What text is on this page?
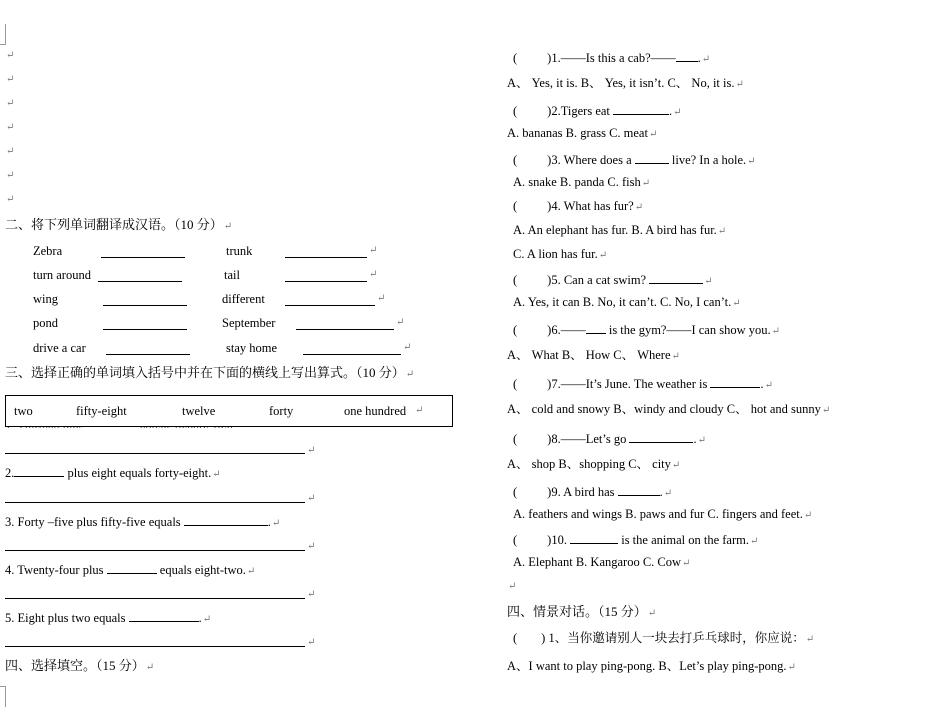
↵
↵
↵
↵
↵
↵
↵
二、将下列单词翻译成汉语。（10 分）↵
Zebra	trunk	↵
turn around	tail	↵
wing	different	↵
pond	September	↵
drive a car	stay home	↵
三、选择正确的单词填入括号中并在下面的横线上写出算式。（10 分）↵
two	fifty-eight	twelve	forty	one hundred ↵
↵
2.	plus eight equals forty-eight.↵
↵
3. Forty –five plus fifty-five equals	.↵
↵
4. Twenty-four plus	equals eight-two.↵
↵
5. Eight plus two equals	.↵
↵
四、选择填空。（15 分）↵
( )1.——Is this a cab?—— .↵
A、 Yes, it is. B、 Yes, it isn’t. C、 No, it is.↵
( )2.Tigers eat	.↵
A. bananas B. grass C. meat↵
( )3. Where does a	live? In a hole.↵
A. snake B. panda C. fish↵
( )4. What has fur?↵
A. An elephant has fur. B. A bird has fur.↵
C. A lion has fur.↵
( )5. Can a cat swim?	↵
A. Yes, it can B. No, it can’t. C. No, I can’t.↵
( )6.—— is the gym?——I can show you.↵
A、 What B、 How C、 Where↵
( )7.——It’s June. The weather is	.↵
A、 cold and snowy B、windy and cloudy C、 hot and sunny↵
( )8.——Let’s go	.↵
A、 shop B、shopping C、 city↵
( )9. A bird has	.↵
A. feathers and wings B. paws and fur C. fingers and feet.↵
( )10.	is the animal on the farm.↵
A. Elephant B. Kangaroo C. Cow↵
↵
四、情景对话。（15 分）↵
( ) 1、当你邀请别人一块去打乒乓球时，你应说：↵
A、I want to play ping-pong. B、Let’s play ping-pong.↵
